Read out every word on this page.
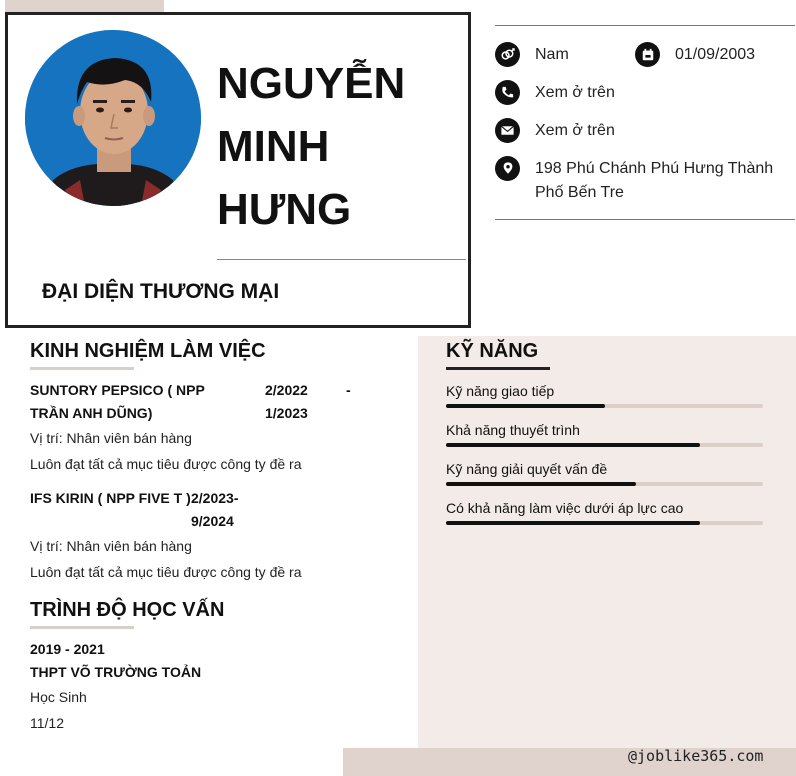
NGUYỄN
MINH
HƯNG
ĐẠI DIỆN THƯƠNG MẠI
Nam	01/09/2003
Xem ở trên
Xem ở trên
198 Phú Chánh Phú Hưng Thành Phố Bến Tre
KINH NGHIỆM LÀM VIỆC
SUNTORY PEPSICO ( NPP TRẦN ANH DŨNG)
2/2022	-
1/2023
Vị trí: Nhân viên bán hàng
Luôn đạt tất cả mục tiêu được công ty đề ra
IFS KIRIN ( NPP FIVE T ) 2/2023-
9/2024
Vị trí: Nhân viên bán hàng
Luôn đạt tất cả mục tiêu được công ty đề ra
TRÌNH ĐỘ HỌC VẤN
2019 - 2021
THPT VÕ TRƯỜNG TOẢN
Học Sinh
11/12
KỸ NĂNG
Kỹ năng giao tiếp
Khả năng thuyết trình
Kỹ năng giải quyết vấn đề
Có khả năng làm việc dưới áp lực cao
@joblike365.com
